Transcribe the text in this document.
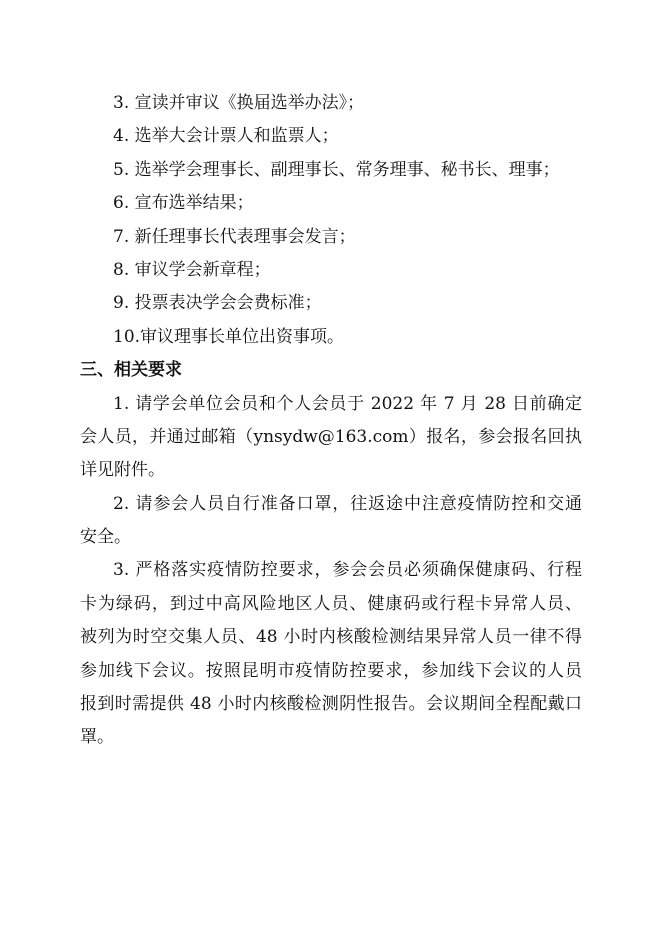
3. 宣读并审议《换届选举办法》；
4. 选举大会计票人和监票人；
5. 选举学会理事长、副理事长、常务理事、秘书长、理事；
6. 宣布选举结果；
7. 新任理事长代表理事会发言；
8. 审议学会新章程；
9. 投票表决学会会费标准；
10.审议理事长单位出资事项。
三、相关要求
1. 请学会单位会员和个人会员于 2022 年 7 月 28 日前确定
会人员，并通过邮箱（ynsydw@163.com）报名，参会报名回执
详见附件。
2. 请参会人员自行准备口罩，往返途中注意疫情防控和交通
安全。
3. 严格落实疫情防控要求，参会会员必须确保健康码、行程
卡为绿码，到过中高风险地区人员、健康码或行程卡异常人员、
被列为时空交集人员、48 小时内核酸检测结果异常人员一律不得
参加线下会议。按照昆明市疫情防控要求，参加线下会议的人员
报到时需提供 48 小时内核酸检测阴性报告。会议期间全程配戴口
罩。
